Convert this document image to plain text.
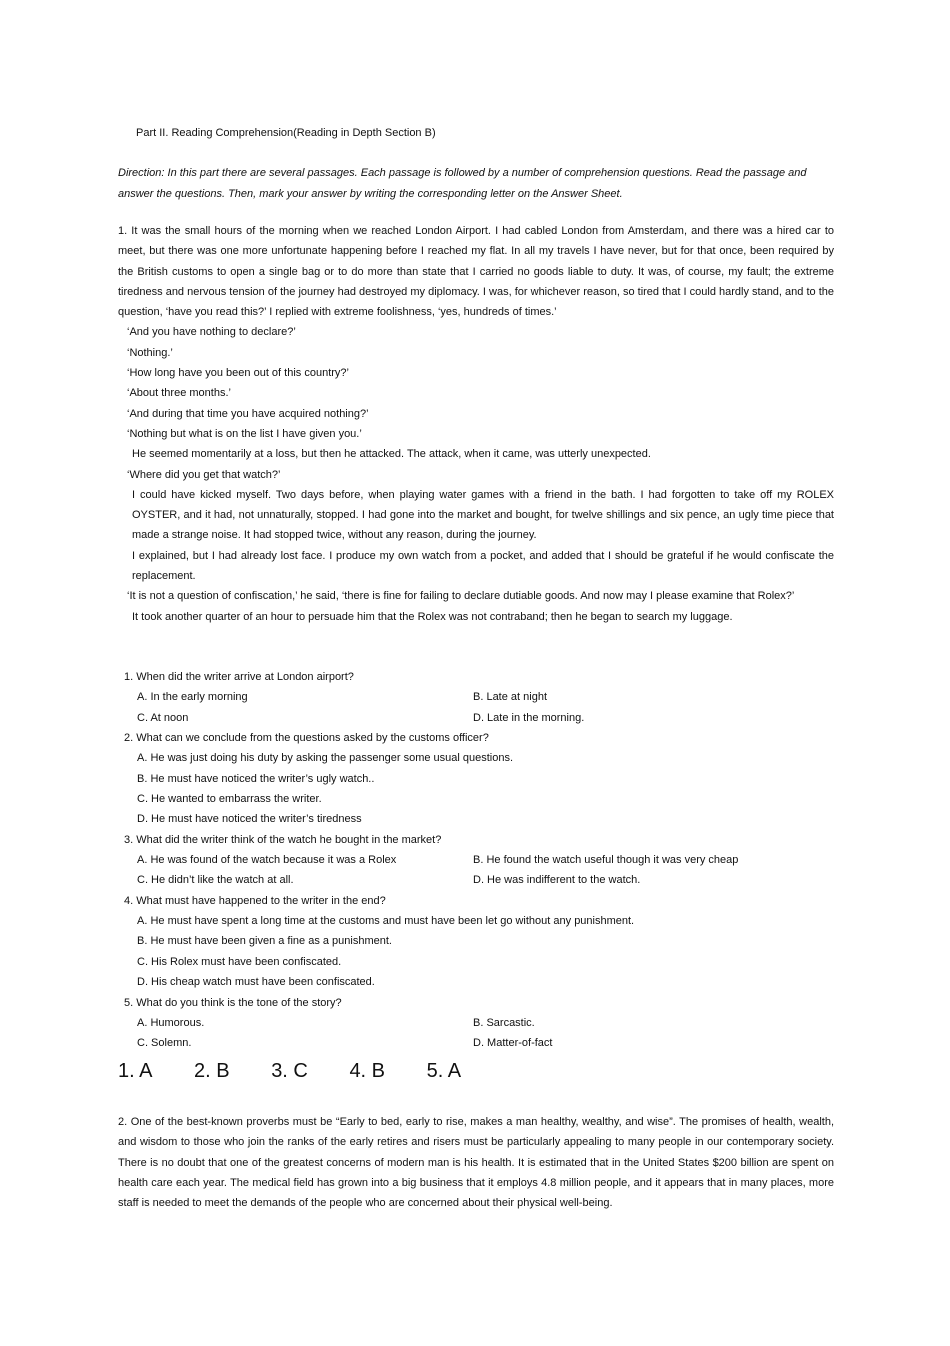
Part II. Reading Comprehension(Reading in Depth Section B)
Direction: In this part there are several passages. Each passage is followed by a number of comprehension questions. Read the passage and answer the questions. Then, mark your answer by writing the corresponding letter on the Answer Sheet.

1. It was the small hours of the morning when we reached London Airport. I had cabled London from Amsterdam, and there was a hired car to meet, but there was one more unfortunate happening before I reached my flat. In all my travels I have never, but for that once, been required by the British customs to open a single bag or to do more than state that I carried no goods liable to duty. It was, of course, my fault; the extreme tiredness and nervous tension of the journey had destroyed my diplomacy. I was, for whichever reason, so tired that I could hardly stand, and to the question, ‘have you read this?’ I replied with extreme foolishness, ‘yes, hundreds of times.’

‘And you have nothing to declare?’

‘Nothing.’

‘How long have you been out of this country?’

‘About three months.’

‘And during that time you have acquired nothing?’

‘Nothing but what is on the list I have given you.’

He seemed momentarily at a loss, but then he attacked. The attack, when it came, was utterly unexpected.

‘Where did you get that watch?’

I could have kicked myself. Two days before, when playing water games with a friend in the bath. I had forgotten to take off my ROLEX OYSTER, and it had, not unnaturally, stopped. I had gone into the market and bought, for twelve shillings and six pence, an ugly time piece that made a strange noise. It had stopped twice, without any reason, during the journey.

I explained, but I had already lost face. I produce my own watch from a pocket, and added that I should be grateful if he would confiscate the replacement.

‘It is not a question of confiscation,’ he said, ‘there is fine for failing to declare dutiable goods. And now may I please examine that Rolex?’

It took another quarter of an hour to persuade him that the Rolex was not contraband; then he began to search my luggage.

1. When did the writer arrive at London airport?

A. In the early morning	B. Late at night
C. At noon	D. Late in the morning.

2. What can we conclude from the questions asked by the customs officer?

A. He was just doing his duty by asking the passenger some usual questions.
B. He must have noticed the writer’s ugly watch..
C. He wanted to embarrass the writer.
D. He must have noticed the writer’s tiredness

3. What did the writer think of the watch he bought in the market?

A. He was found of the watch because it was a Rolex	B. He found the watch useful though it was very cheap
C. He didn’t like the watch at all.	D. He was indifferent to the watch.

4. What must have happened to the writer in the end?

A. He must have spent a long time at the customs and must have been let go without any punishment.
B. He must have been given a fine as a punishment.
C. His Rolex must have been confiscated.
D. His cheap watch must have been confiscated.

5. What do you think is the tone of the story?

A. Humorous.	B. Sarcastic.
C. Solemn.	D. Matter-of-fact
1. A 2. B 3. C 4. B 5. A

2. One of the best-known proverbs must be “Early to bed, early to rise, makes a man healthy, wealthy, and wise”. The promises of health, wealth, and wisdom to those who join the ranks of the early retires and risers must be particularly appealing to many people in our contemporary society. There is no doubt that one of the greatest concerns of modern man is his health. It is estimated that in the United States $200 billion are spent on health care each year. The medical field has grown into a big business that it employs 4.8 million people, and it appears that in many places, more staff is needed to meet the demands of the people who are concerned about their physical well-being.
